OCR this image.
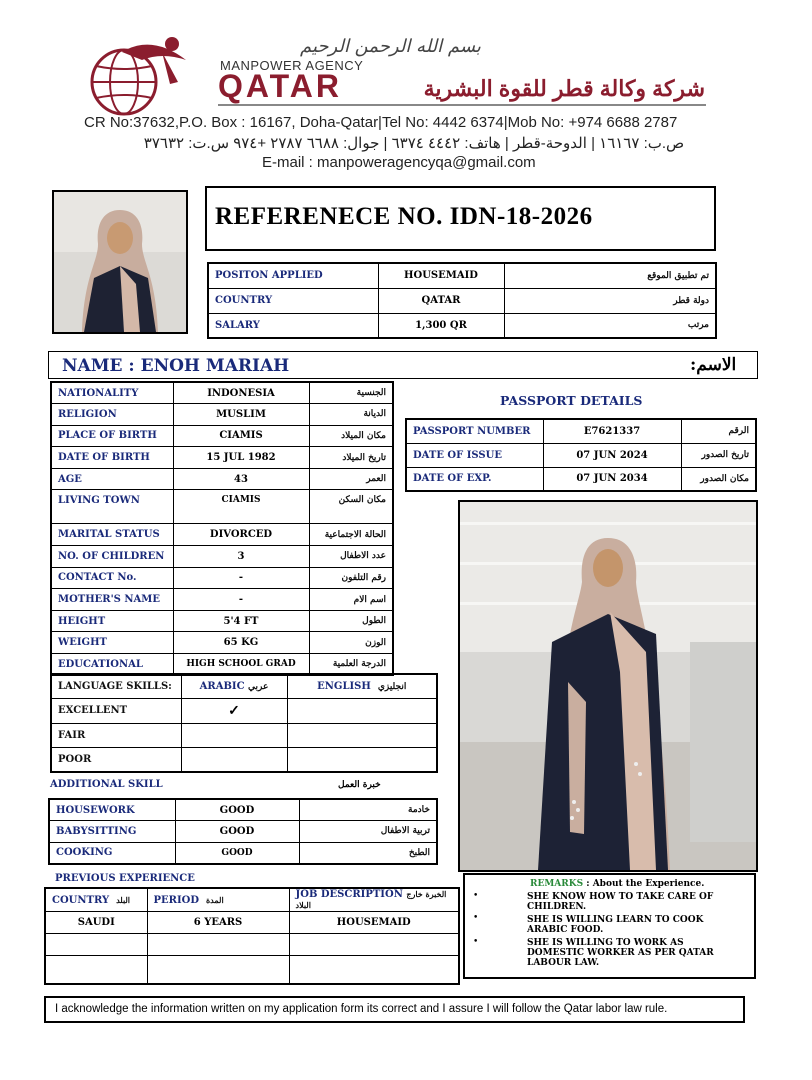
بسم الله الرحمن الرحيم
MANPOWER AGENCY
QATAR	شركة وكالة قطر للقوة البشرية
CR No:37632,P.O. Box : 16167, Doha-Qatar|Tel No: 4442 6374|Mob No: +974 6688 2787
ص.ب: ١٦١٦٧ | الدوحة-قطر | هاتف: ٤٤٤٢ ٦٣٧٤ | جوال: ٦٦٨٨ ٢٧٨٧ +٩٧٤ س.ت: ٣٧٦٣٢
E-mail : manpoweragencyqa@gmail.com
REFERENECE NO. IDN-18-2026
POSITON APPLIED	HOUSEMAID	تم تطبيق الموقع
COUNTRY	QATAR	دولة قطر
SALARY	1,300 QR	مرتب
NAME : ENOH MARIAH	الاسم:
NATIONALITY	INDONESIA	الجنسية
RELIGION	MUSLIM	الديانة
PLACE OF BIRTH	CIAMIS	مكان الميلاد
DATE OF BIRTH	15 JUL 1982	تاريخ الميلاد
AGE	43	العمر
LIVING TOWN	CIAMIS	مكان السكن
MARITAL STATUS	DIVORCED	الحالة الاجتماعية
NO. OF CHILDREN	3	عدد الاطفال
CONTACT No.	-	رقم التلفون
MOTHER'S NAME	-	اسم الام
HEIGHT	5'4 FT	الطول
WEIGHT	65 KG	الوزن
EDUCATIONAL	HIGH SCHOOL GRAD	الدرجة العلمية
PASSPORT DETAILS
PASSPORT NUMBER	E7621337	الرقم
DATE OF ISSUE	07 JUN 2024	تاريخ الصدور
DATE OF EXP.	07 JUN 2034	مكان الصدور
LANGUAGE SKILLS:	ARABIC عربي	ENGLISH انجليزي
EXCELLENT	✓	
FAIR		
POOR		
ADDITIONAL SKILL	خبرة العمل
HOUSEWORK	GOOD	خادمة
BABYSITTING	GOOD	تربية الاطفال
COOKING	GOOD	الطبخ
PREVIOUS EXPERIENCE
COUNTRY البلد	PERIOD المدة	JOB DESCRIPTION الخبرة خارج البلاد
SAUDI	6 YEARS	HOUSEMAID

REMARKS : About the Experience.
•	SHE KNOW HOW TO TAKE CARE OF CHILDREN.
•	SHE IS WILLING LEARN TO COOK ARABIC FOOD.
•	SHE IS WILLING TO WORK AS DOMESTIC WORKER AS PER QATAR LABOUR LAW.
I acknowledge the information written on my application form its correct and I assure I will follow the Qatar labor law rule.
